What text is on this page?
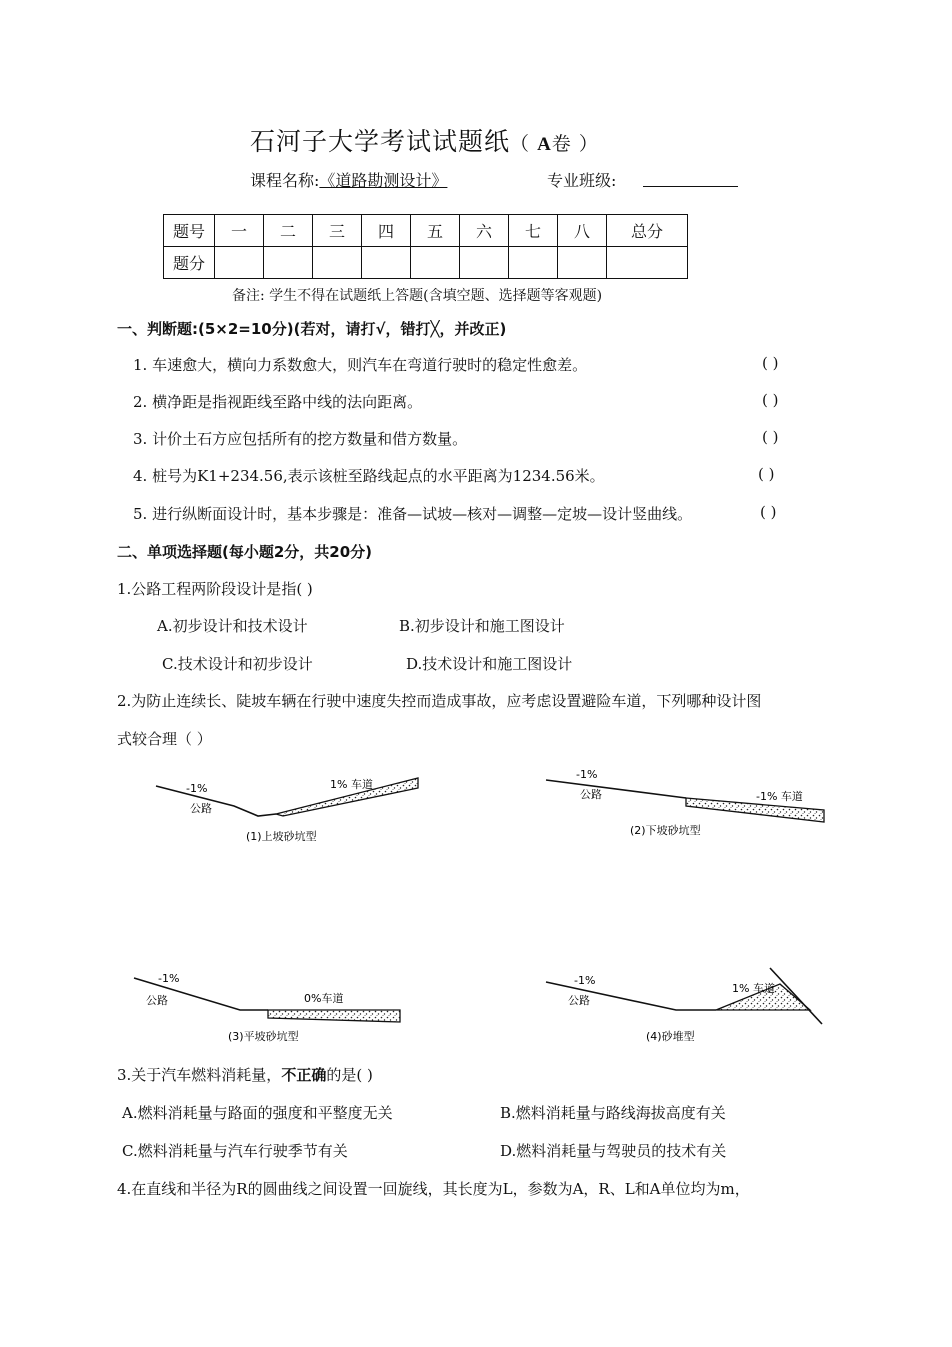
石河子大学考试试题纸（ A卷 ）
课程名称:《道路勘测设计》	专业班级:
题号	一	二	三	四	五	六	七	八	总分
题分									
备注: 学生不得在试题纸上答题(含填空题、选择题等客观题)
一、判断题:(5×2=10分)(若对，请打√，错打╳，并改正)
1. 车速愈大，横向力系数愈大，则汽车在弯道行驶时的稳定性愈差。	( )
2. 横净距是指视距线至路中线的法向距离。	( )
3. 计价土石方应包括所有的挖方数量和借方数量。	( )
4. 桩号为K1+234.56,表示该桩至路线起点的水平距离为1234.56米。	( )
5. 进行纵断面设计时，基本步骤是：准备—试坡—核对—调整—定坡—设计竖曲线。	( )
二、单项选择题(每小题2分，共20分)
1.公路工程两阶段设计是指( )
A.初步设计和技术设计	B.初步设计和施工图设计
C.技术设计和初步设计	D.技术设计和施工图设计
2.为防止连续长、陡坡车辆在行驶中速度失控而造成事故，应考虑设置避险车道，下列哪种设计图
式较合理（ ）
-1%
公路
1% 车道
(1)上坡砂坑型
-1%
公路	-1% 车道
(2)下坡砂坑型
-1%
公路	0%车道
(3)平坡砂坑型
-1%
公路
1% 车道
(4)砂堆型
3.关于汽车燃料消耗量，不正确的是( )
A.燃料消耗量与路面的强度和平整度无关	B.燃料消耗量与路线海拔高度有关
C.燃料消耗量与汽车行驶季节有关	D.燃料消耗量与驾驶员的技术有关
4.在直线和半径为R的圆曲线之间设置一回旋线，其长度为L，参数为A，R、L和A单位均为m，
